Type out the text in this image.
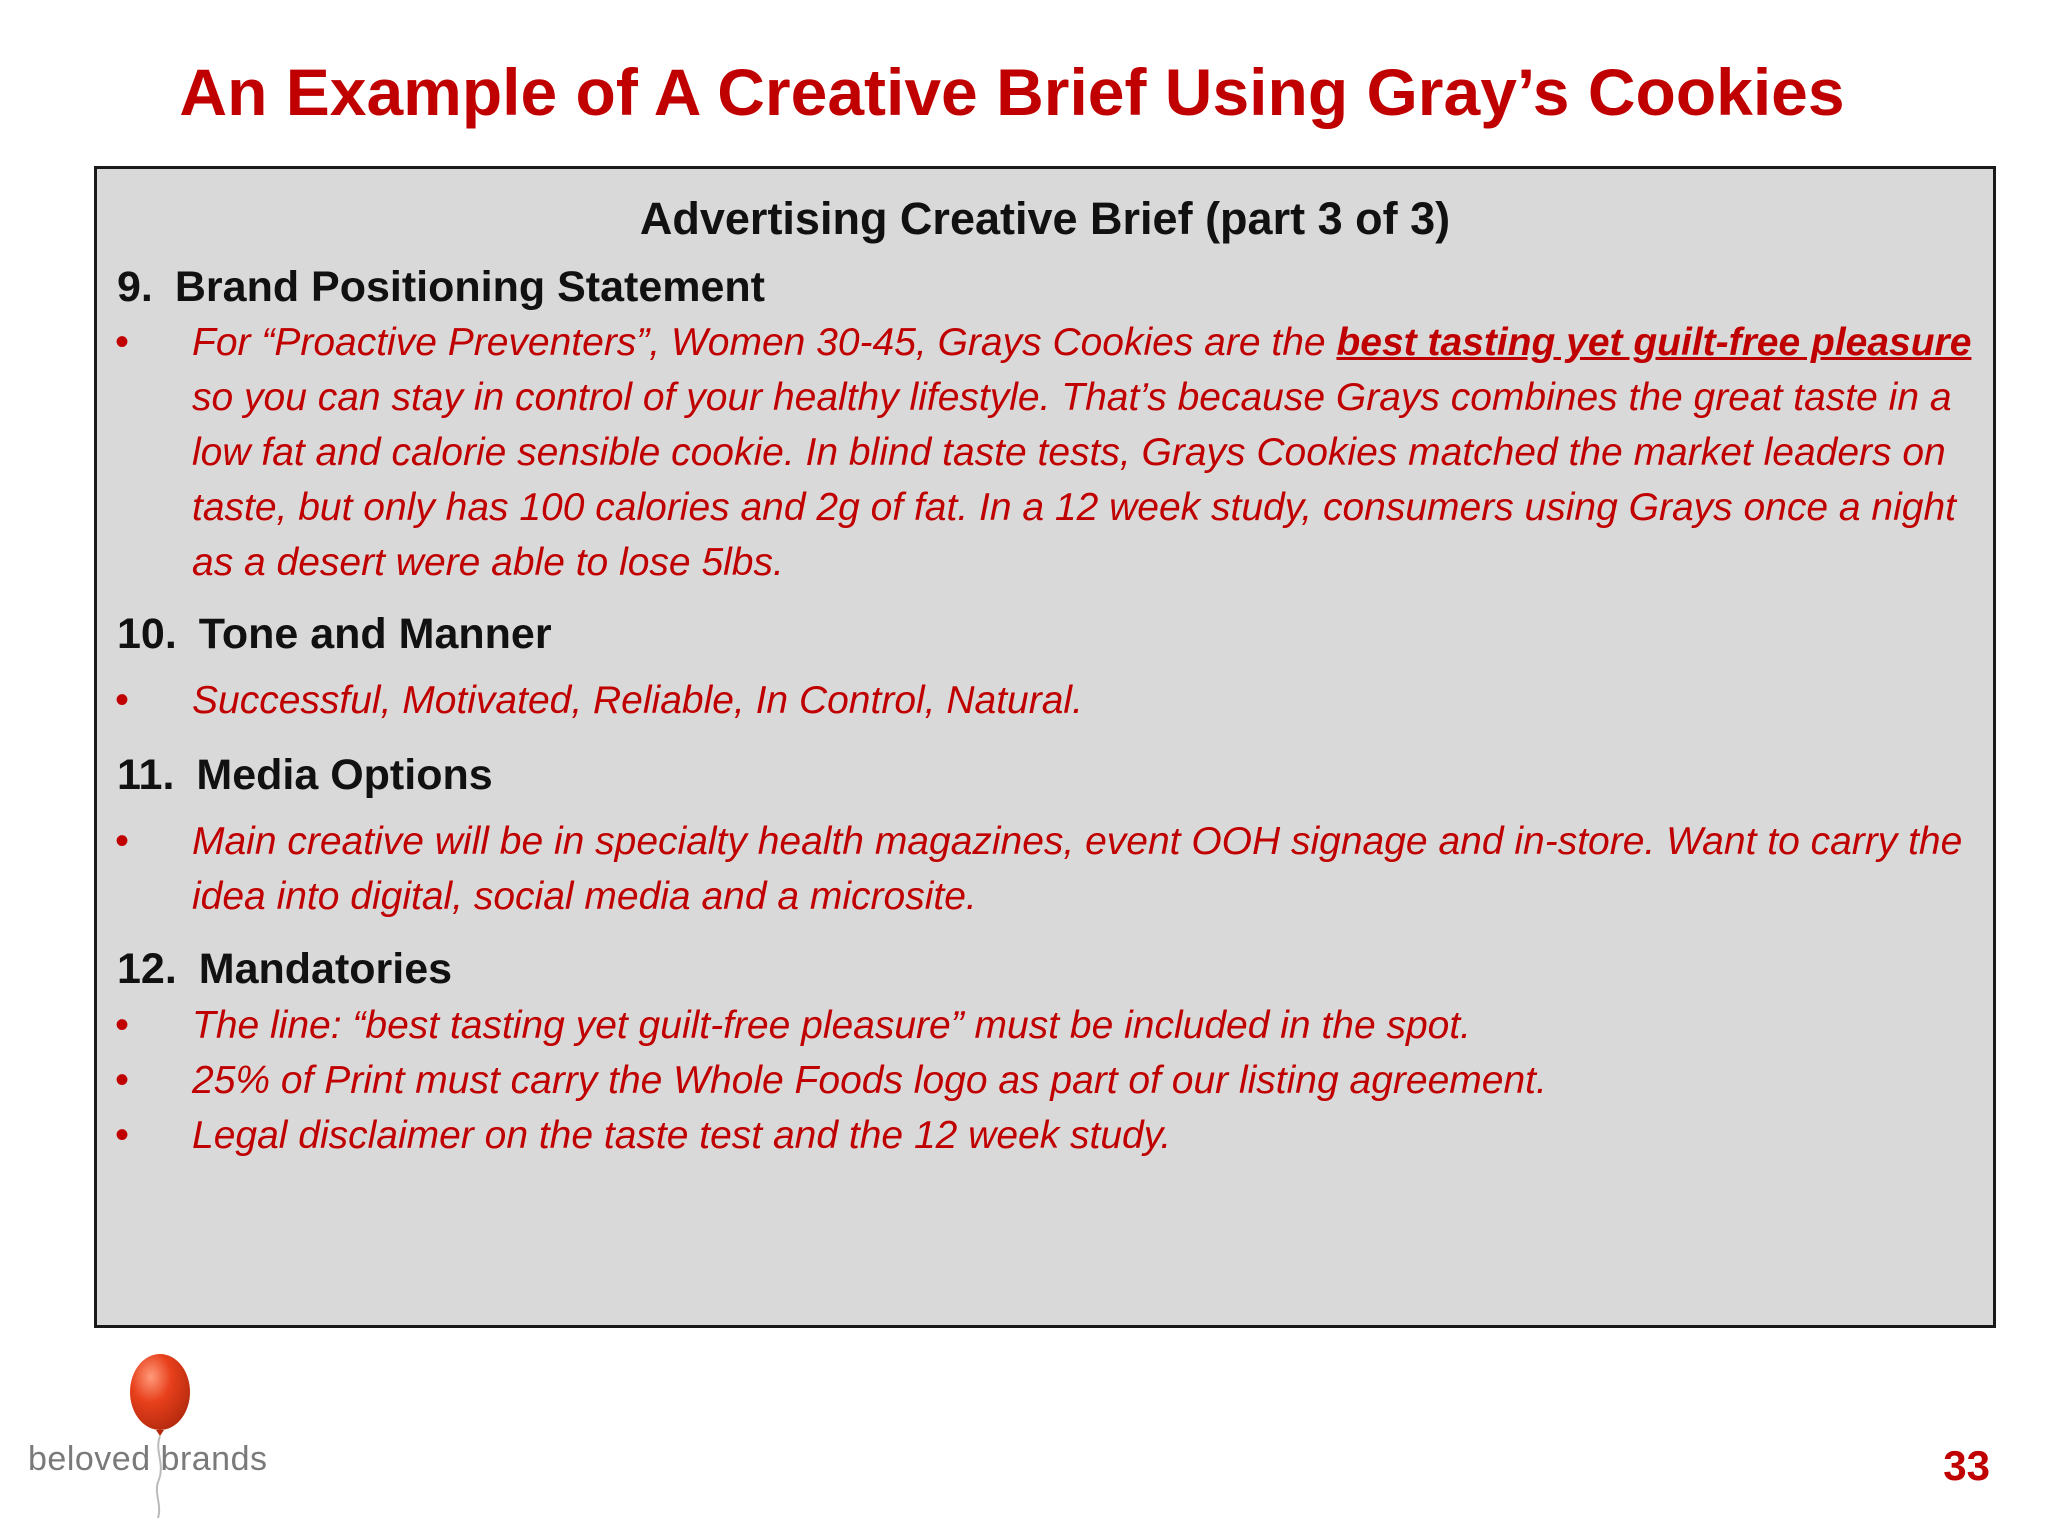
An Example of A Creative Brief Using Gray’s Cookies
Advertising Creative Brief (part 3 of 3)
9. Brand Positioning Statement
• For “Proactive Preventers”, Women 30-45, Grays Cookies are the best tasting yet guilt-free pleasure so you can stay in control of your healthy lifestyle. That’s because Grays combines the great taste in a low fat and calorie sensible cookie. In blind taste tests, Grays Cookies matched the market leaders on taste, but only has 100 calories and 2g of fat. In a 12 week study, consumers using Grays once a night as a desert were able to lose 5lbs.
10. Tone and Manner
• Successful, Motivated, Reliable, In Control, Natural.
11. Media Options
• Main creative will be in specialty health magazines, event OOH signage and in-store. Want to carry the idea into digital, social media and a microsite.
12. Mandatories
• The line: “best tasting yet guilt-free pleasure” must be included in the spot.
• 25% of Print must carry the Whole Foods logo as part of our listing agreement.
• Legal disclaimer on the taste test and the 12 week study.
beloved brands	33
